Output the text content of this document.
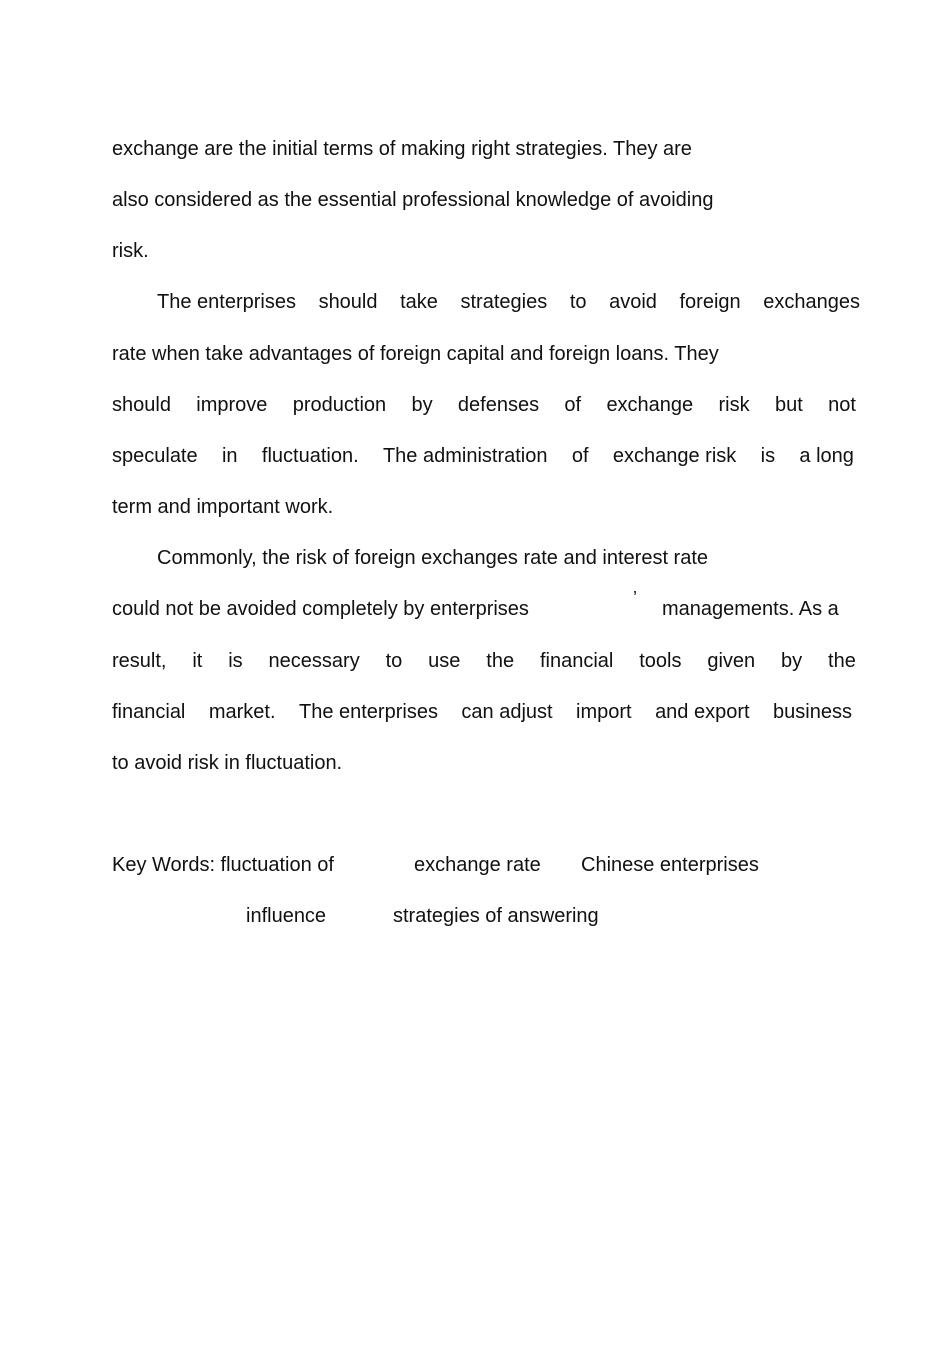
exchange are the initial terms of making right strategies. They are
also considered as the essential professional knowledge of avoiding
risk.
The enterprises should take strategies to avoid foreign exchanges
rate when take advantages of foreign capital and foreign loans. They
should improve production by defenses of exchange risk but not
speculate in fluctuation. The administration of exchange risk is a long
term and important work.
Commonly, the risk of foreign exchanges rate and interest rate
could not be avoided completely by enterprises	’ managements. As a
result, it is necessary to use the financial tools given by the
financial market. The enterprises can adjust import and export business
to avoid risk in fluctuation.
Key Words: fluctuation of	exchange rate Chinese enterprises
influence	strategies of answering
